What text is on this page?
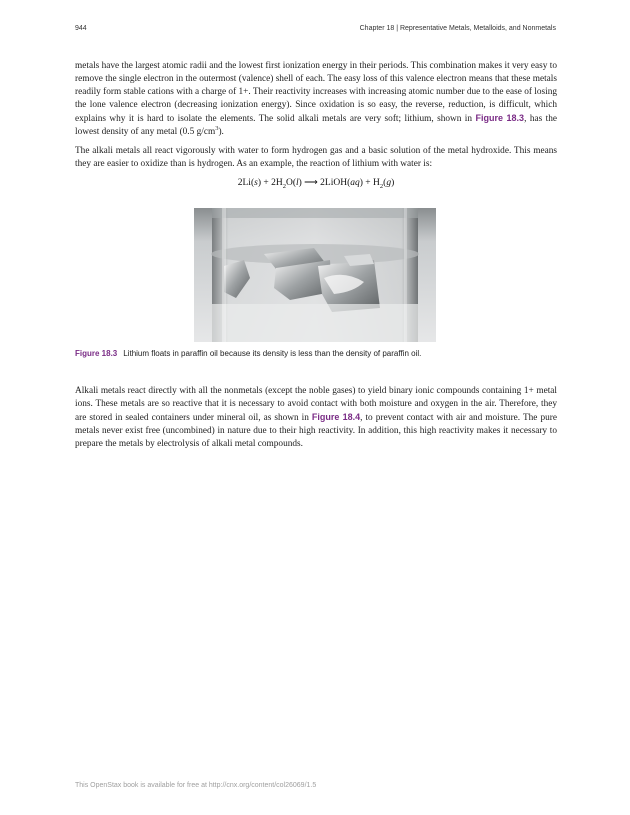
944	Chapter 18 | Representative Metals, Metalloids, and Nonmetals

metals have the largest atomic radii and the lowest first ionization energy in their periods. This combination makes it very easy to remove the single electron in the outermost (valence) shell of each. The easy loss of this valence electron means that these metals readily form stable cations with a charge of 1+. Their reactivity increases with increasing atomic number due to the ease of losing the lone valence electron (decreasing ionization energy). Since oxidation is so easy, the reverse, reduction, is difficult, which explains why it is hard to isolate the elements. The solid alkali metals are very soft; lithium, shown in Figure 18.3, has the lowest density of any metal (0.5 $g/cm^3$).

The alkali metals all react vigorously with water to form hydrogen gas and a basic solution of the metal hydroxide. This means they are easier to oxidize than is hydrogen. As an example, the reaction of lithium with water is:

$2Li(s) + 2H_2O(l)$ ⟶ 2LiOH(aq) + $H_2(g)$
Figure 18.3 Lithium floats in paraffin oil because its density is less than the density of paraffin oil.

Alkali metals react directly with all the nonmetals (except the noble gases) to yield binary ionic compounds containing 1+ metal ions. These metals are so reactive that it is necessary to avoid contact with both moisture and oxygen in the air. Therefore, they are stored in sealed containers under mineral oil, as shown in Figure 18.4, to prevent contact with air and moisture. The pure metals never exist free (uncombined) in nature due to their high reactivity. In addition, this high reactivity makes it necessary to prepare the metals by electrolysis of alkali metal compounds.

This OpenStax book is available for free at http://cnx.org/content/col26069/1.5
